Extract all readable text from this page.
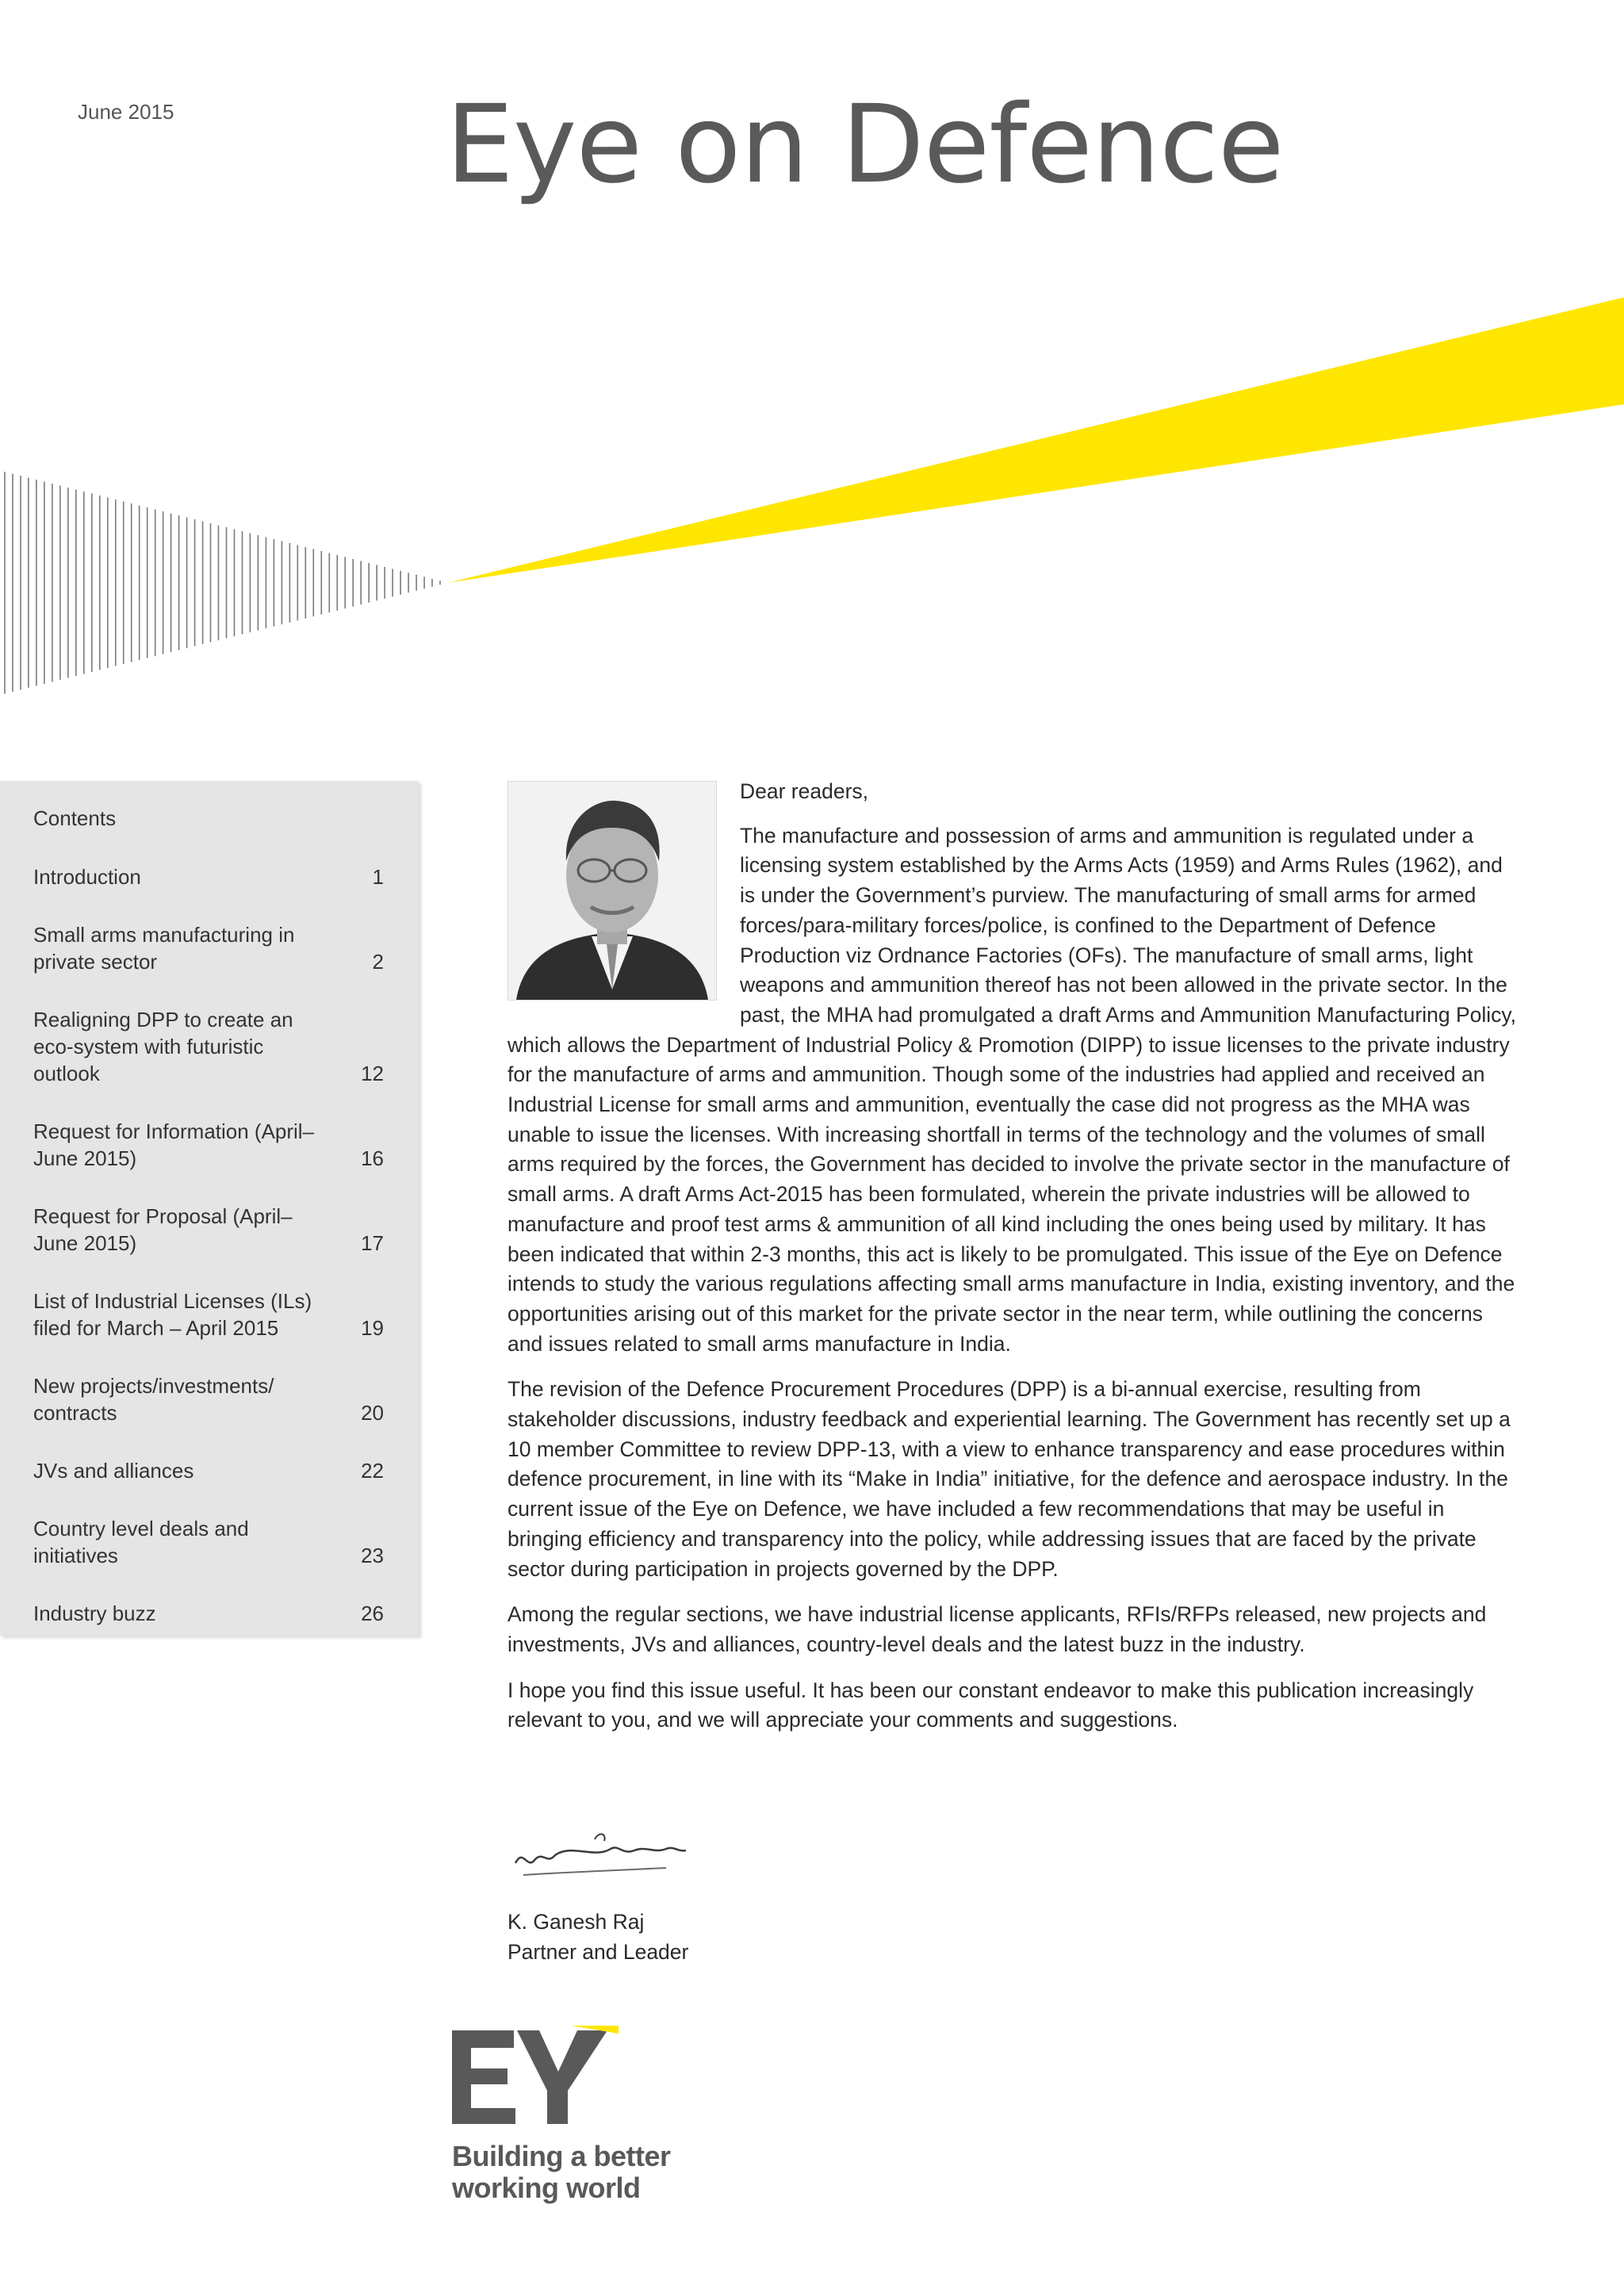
June 2015	Eye on Defence
Contents
Introduction	1
Small arms manufacturing in private sector	2
Realigning DPP to create an eco-system with futuristic outlook	12
Request for Information (April–June 2015)	16
Request for Proposal (April–June 2015)	17
List of Industrial Licenses (ILs) filed for March – April 2015	19
New projects/investments/ contracts	20
JVs and alliances	22
Country level deals and initiatives	23
Industry buzz	26

Dear readers,

The manufacture and possession of arms and ammunition is regulated under a licensing system established by the Arms Acts (1959) and Arms Rules (1962), and is under the Government’s purview. The manufacturing of small arms for armed forces/para-military forces/police, is confined to the Department of Defence Production viz Ordnance Factories (OFs). The manufacture of small arms, light weapons and ammunition thereof has not been allowed in the private sector. In the past, the MHA had promulgated a draft Arms and Ammunition Manufacturing Policy, which allows the Department of Industrial Policy & Promotion (DIPP) to issue licenses to the private industry for the manufacture of arms and ammunition. Though some of the industries had applied and received an Industrial License for small arms and ammunition, eventually the case did not progress as the MHA was unable to issue the licenses. With increasing shortfall in terms of the technology and the volumes of small arms required by the forces, the Government has decided to involve the private sector in the manufacture of small arms. A draft Arms Act-2015 has been formulated, wherein the private industries will be allowed to manufacture and proof test arms & ammunition of all kind including the ones being used by military. It has been indicated that within 2-3 months, this act is likely to be promulgated. This issue of the Eye on Defence intends to study the various regulations affecting small arms manufacture in India, existing inventory, and the opportunities arising out of this market for the private sector in the near term, while outlining the concerns and issues related to small arms manufacture in India.

The revision of the Defence Procurement Procedures (DPP) is a bi-annual exercise, resulting from stakeholder discussions, industry feedback and experiential learning. The Government has recently set up a 10 member Committee to review DPP-13, with a view to enhance transparency and ease procedures within defence procurement, in line with its “Make in India” initiative, for the defence and aerospace industry. In the current issue of the Eye on Defence, we have included a few recommendations that may be useful in bringing efficiency and transparency into the policy, while addressing issues that are faced by the private sector during participation in projects governed by the DPP.

Among the regular sections, we have industrial license applicants, RFIs/RFPs released, new projects and investments, JVs and alliances, country-level deals and the latest buzz in the industry.

I hope you find this issue useful. It has been our constant endeavor to make this publication increasingly relevant to you, and we will appreciate your comments and suggestions.

K. Ganesh Raj
Partner and Leader
Building a better
working world
